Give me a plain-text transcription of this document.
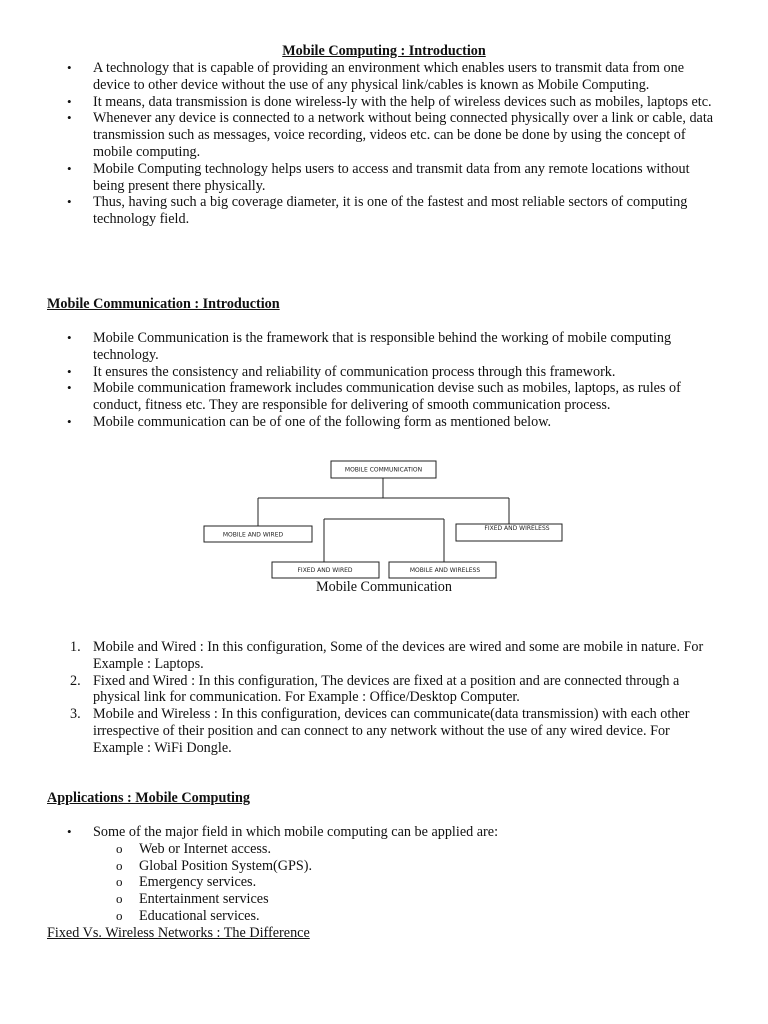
Mobile Computing : Introduction
• A technology that is capable of providing an environment which enables users to transmit data from one device to other device without the use of any physical link/cables is known as Mobile Computing.
• It means, data transmission is done wireless-ly with the help of wireless devices such as mobiles, laptops etc.
• Whenever any device is connected to a network without being connected physically over a link or cable, data transmission such as messages, voice recording, videos etc. can be done be done by using the concept of mobile computing.
• Mobile Computing technology helps users to access and transmit data from any remote locations without being present there physically.
• Thus, having such a big coverage diameter, it is one of the fastest and most reliable sectors of computing technology field.
Mobile Communication : Introduction
• Mobile Communication is the framework that is responsible behind the working of mobile computing technology.
• It ensures the consistency and reliability of communication process through this framework.
• Mobile communication framework includes communication devise such as mobiles, laptops, as rules of conduct, fitness etc. They are responsible for delivering of smooth communication process.
• Mobile communication can be of one of the following form as mentioned below.
MOBILE COMMUNICATION
MOBILE AND WIRED
FIXED AND WIRELESS
FIXED AND WIRED	MOBILE AND WIRELESS
Mobile Communication
1. Mobile and Wired : In this configuration, Some of the devices are wired and some are mobile in nature. For Example : Laptops.
2. Fixed and Wired : In this configuration, The devices are fixed at a position and are connected through a physical link for communication. For Example : Office/Desktop Computer.
3. Mobile and Wireless : In this configuration, devices can communicate(data transmission) with each other irrespective of their position and can connect to any network without the use of any wired device. For Example : WiFi Dongle.
Applications : Mobile Computing
• Some of the major field in which mobile computing can be applied are:
o Web or Internet access.
o Global Position System(GPS).
o Emergency services.
o Entertainment services
o Educational services.
Fixed Vs. Wireless Networks : The Difference
